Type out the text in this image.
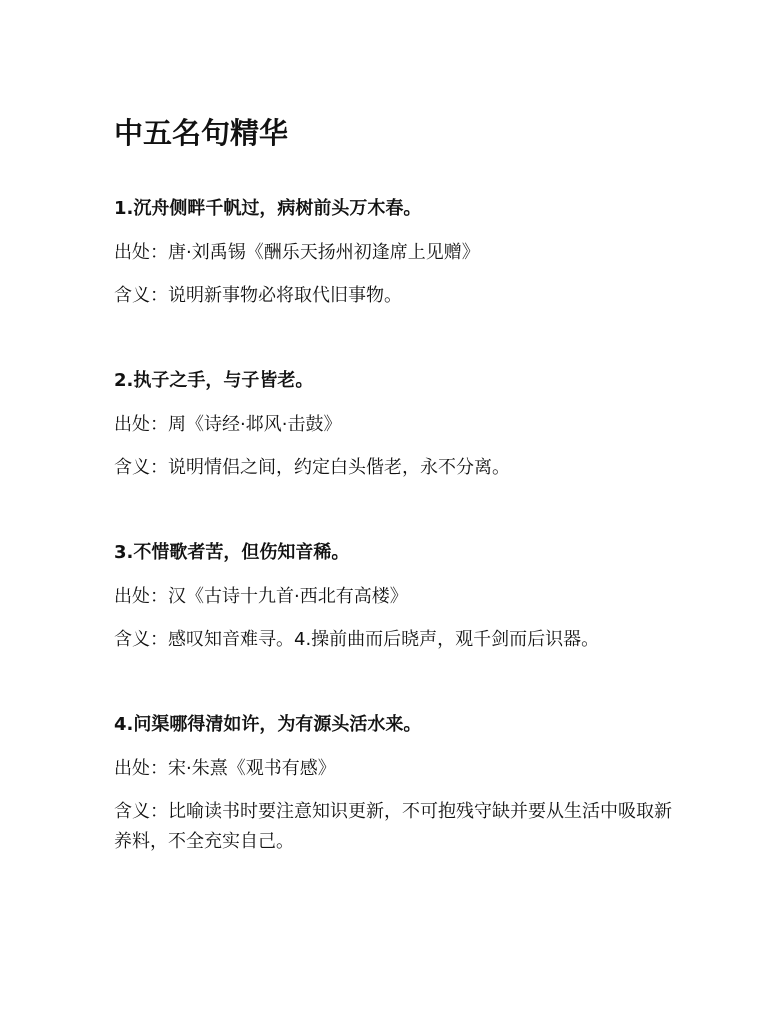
中五名句精华

1.沉舟侧畔千帆过，病树前头万木春。

出处：唐·刘禹锡《酬乐天扬州初逢席上见赠》

含义：说明新事物必将取代旧事物。

2.执子之手，与子皆老。

出处：周《诗经·邶风·击鼓》

含义：说明情侣之间，约定白头偕老，永不分离。

3.不惜歌者苦，但伤知音稀。

出处：汉《古诗十九首·西北有高楼》

含义：感叹知音难寻。4.操前曲而后晓声，观千剑而后识器。

4.问渠哪得清如许，为有源头活水来。

出处：宋·朱熹《观书有感》

含义：比喻读书时要注意知识更新，不可抱残守缺并要从生活中吸取新养料，不全充实自己。
